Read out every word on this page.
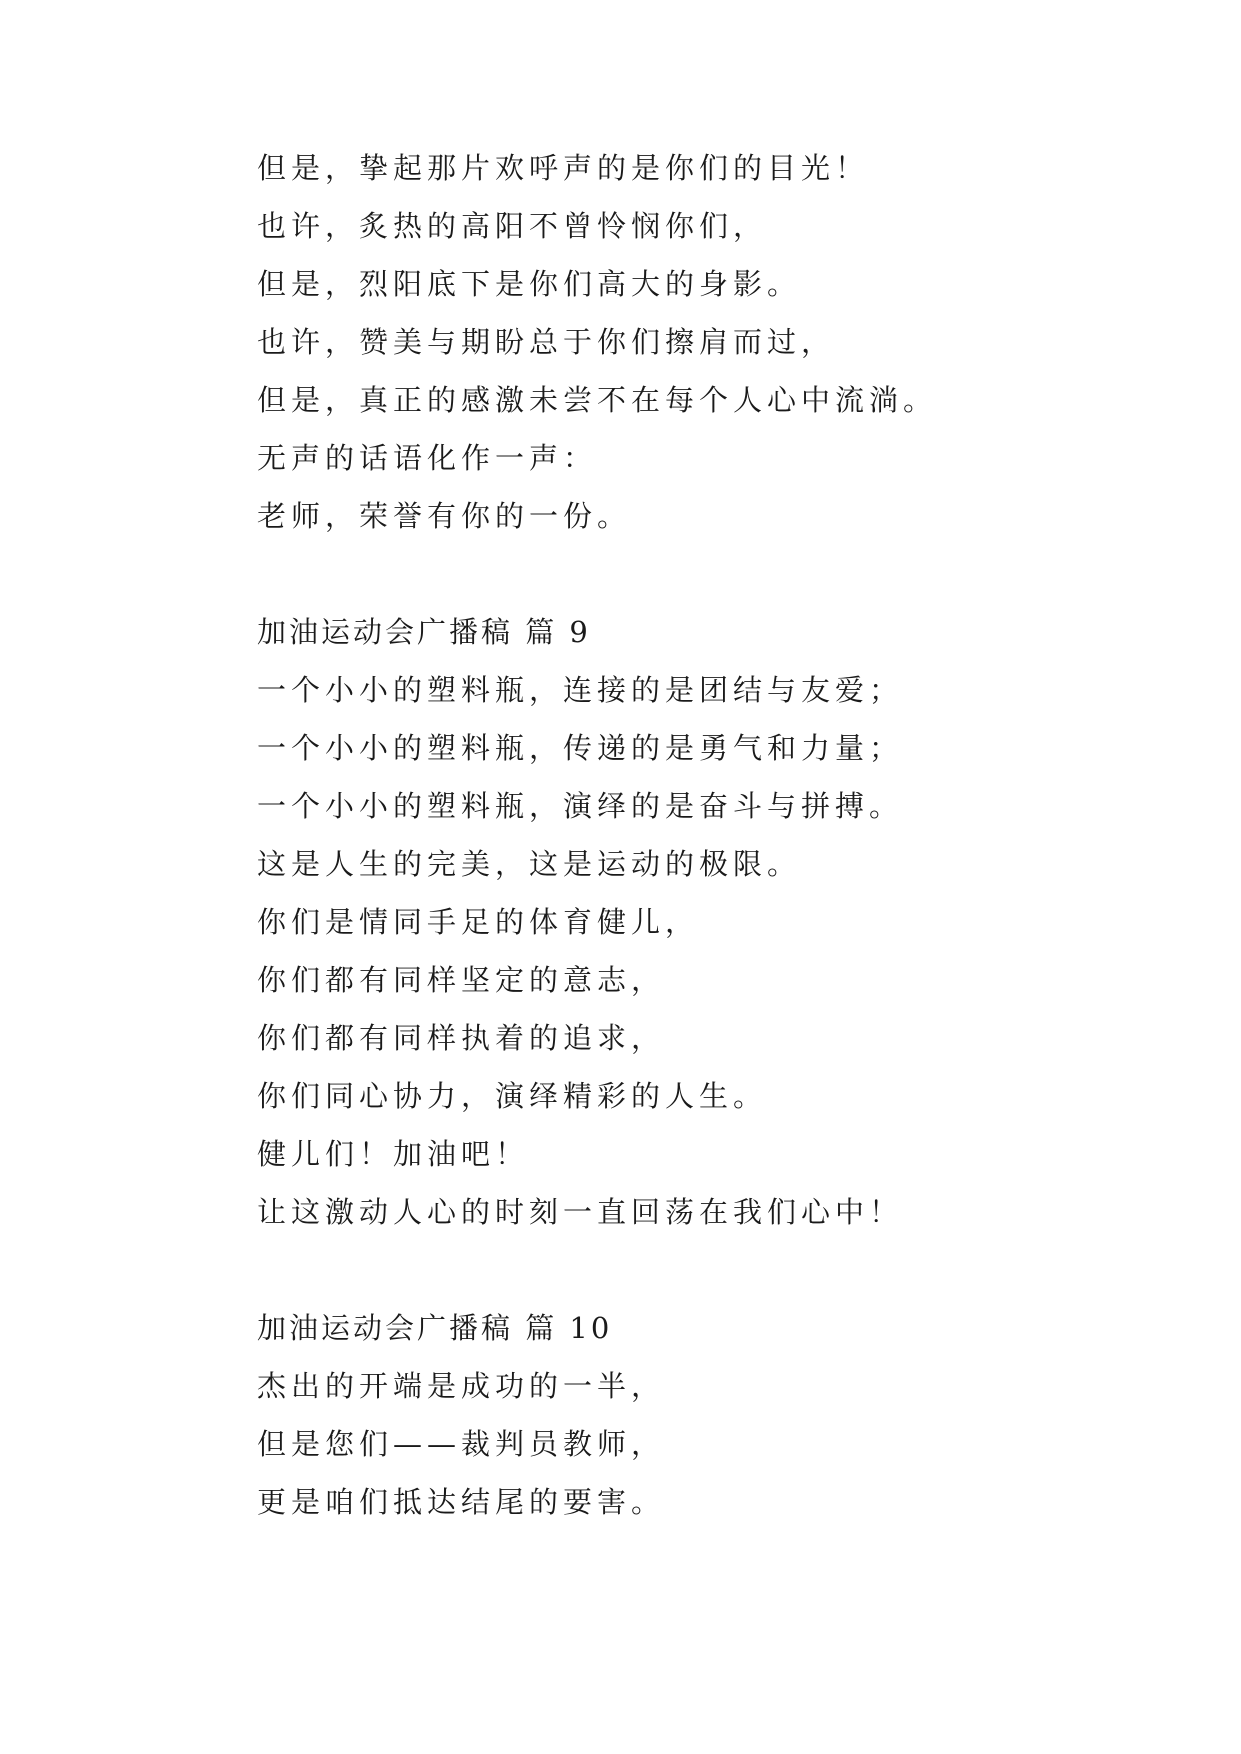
但是，挚起那片欢呼声的是你们的目光！
也许，炙热的高阳不曾怜悯你们，
但是，烈阳底下是你们高大的身影。
也许，赞美与期盼总于你们擦肩而过，
但是，真正的感激未尝不在每个人心中流淌。
无声的话语化作一声：
老师，荣誉有你的一份。
加油运动会广播稿 篇 9
一个小小的塑料瓶，连接的是团结与友爱；
一个小小的塑料瓶，传递的是勇气和力量；
一个小小的塑料瓶，演绎的是奋斗与拼搏。
这是人生的完美，这是运动的极限。
你们是情同手足的体育健儿，
你们都有同样坚定的意志，
你们都有同样执着的追求，
你们同心协力，演绎精彩的人生。
健儿们！加油吧！
让这激动人心的时刻一直回荡在我们心中！
加油运动会广播稿 篇 10
杰出的开端是成功的一半，
但是您们——裁判员教师，
更是咱们抵达结尾的要害。
